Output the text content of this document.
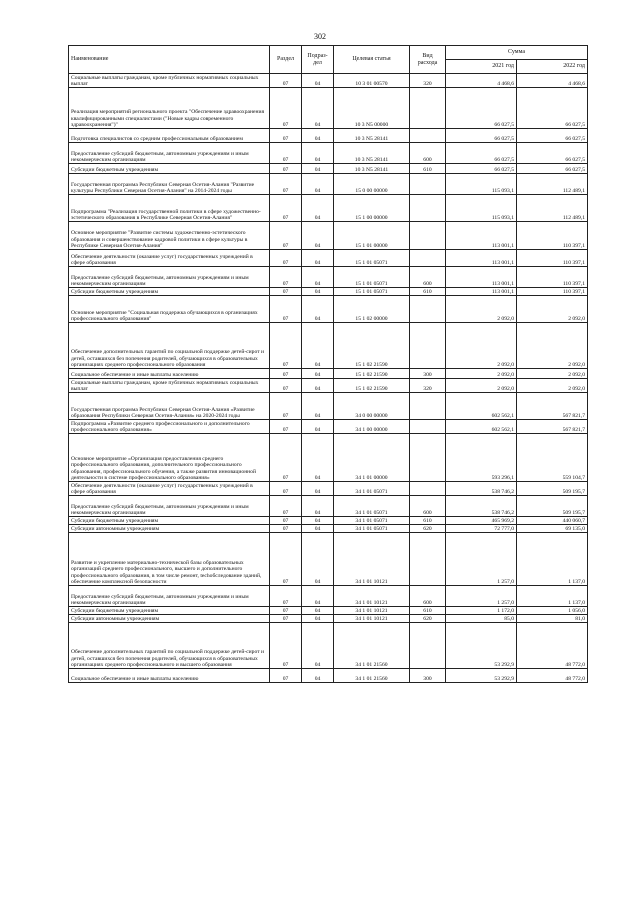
302
Наименование	Раздел	Подраз-дел	Целевая статья	Вид расхода	Сумма	
					2021 год	2022 год
Социальные выплаты гражданам, кроме публичных нормативных социальных выплат	07	04	10 3 01 00570	320	4 468,6	4 468,6
Реализация мероприятий регионального проекта "Обеспечение здравоохранения квалифицированными специалистами ("Новые кадры современного здравоохранения")"	07	04	10 3 N5 00000		66 027,5	66 027,5
Подготовка специалистов со средним профессиональным образованием	07	04	10 3 N5 28141		66 027,5	66 027,5
Предоставление субсидий бюджетным, автономным учреждениям и иным некоммерческим организациям	07	04	10 3 N5 28141	600	66 027,5	66 027,5
Субсидии бюджетным учреждениям	07	04	10 3 N5 28141	610	66 027,5	66 027,5
Государственная программа Республики Северная Осетия-Алания "Развитие культуры Республики Северная Осетия-Алания" на 2014-2024 годы	07	04	15 0 00 00000		115 093,1	112 489,1
Подпрограмма "Реализация государственной политики в сфере художественно-эстетического образования в Республике Северная Осетия-Алания"	07	04	15 1 00 00000		115 093,1	112 489,1
Основное мероприятие "Развитие системы художественно-эстетического образования и совершенствование кадровой политики в сфере культуры в Республике Северная Осетия-Алания"	07	04	15 1 01 00000		113 001,1	110 397,1
Обеспечение деятельности (оказание услуг) государственных учреждений в сфере образования	07	04	15 1 01 05071		113 001,1	110 397,1
Предоставление субсидий бюджетным, автономным учреждениям и иным некоммерческим организациям	07	04	15 1 01 05071	600	113 001,1	110 397,1
Субсидии бюджетным учреждениям	07	04	15 1 01 05071	610	113 001,1	110 397,1
Основное мероприятие "Социальная поддержка обучающихся в организациях профессионального образования"	07	04	15 1 02 00000		2 092,0	2 092,0
Обеспечение дополнительных гарантий по социальной поддержке детей-сирот и детей, оставшихся без попечения родителей, обучающихся в образовательных организациях среднего профессионального образования	07	04	15 1 02 21590		2 092,0	2 092,0
Социальное обеспечение и иные выплаты населению	07	04	15 1 02 21590	300	2 092,0	2 092,0
Социальные выплаты гражданам, кроме публичных нормативных социальных выплат	07	04	15 1 02 21590	320	2 092,0	2 092,0
Государственная программа Республики Северная Осетия-Алания «Развитие образования Республики Северная Осетия-Алания» на 2020-2024 годы	07	04	34 0 00 00000		602 562,1	567 821,7
Подпрограмма «Развитие среднего профессионального и дополнительного профессионального образования»	07	04	34 1 00 00000		602 562,1	567 821,7
Основное мероприятие «Организация предоставления среднего профессионального образования, дополнительного профессионального образования, профессионального обучения, а также развития инновационной деятельности в системе профессионального образования»	07	04	34 1 01 00000		593 296,1	559 104,7
Обеспечение деятельности (оказание услуг) государственных учреждений в сфере образования	07	04	34 1 01 05071		538 746,2	509 195,7
Предоставление субсидий бюджетным, автономным учреждениям и иным некоммерческим организациям	07	04	34 1 01 05071	600	538 746,2	509 195,7
Субсидии бюджетным учреждениям	07	04	34 1 01 05071	610	465 969,2	440 060,7
Субсидии автономным учреждениям	07	04	34 1 01 05071	620	72 777,0	69 135,0
Развитие и укрепление материально-технической базы образовательных организаций среднего профессионального, высшего и дополнительного профессионального образования, в том числе ремонт, techобследование зданий, обеспечение комплексной безопасности	07	04	34 1 01 10121		1 257,0	1 137,0
Предоставление субсидий бюджетным, автономным учреждениям и иным некоммерческим организациям	07	04	34 1 01 10121	600	1 257,0	1 137,0
Субсидии бюджетным учреждениям	07	04	34 1 01 10121	610	1 172,0	1 056,0
Субсидии автономным учреждениям	07	04	34 1 01 10121	620	85,0	81,0
Обеспечение дополнительных гарантий по социальной поддержке детей-сирот и детей, оставшихся без попечения родителей, обучающихся в образовательных организациях среднего профессионального и высшего образования	07	04	34 1 01 21560		53 292,9	48 772,0
Социальное обеспечение и иные выплаты населению	07	04	34 1 01 21560	300	53 292,9	48 772,0
